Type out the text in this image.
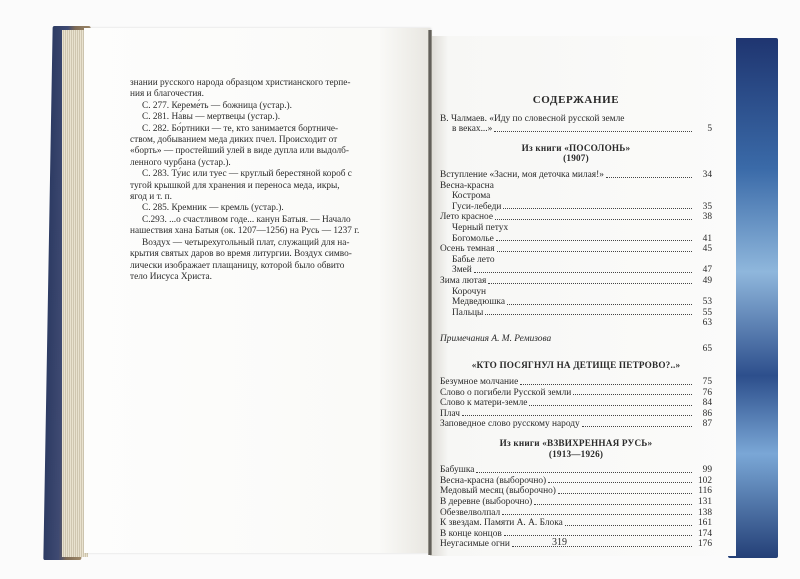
знании русского народа образцом христианского терпе-

ния и благочестия.

С. 277. Кереме́ть — божница (устар.).

С. 281. На́вы — мертвецы (устар.).

С. 282. Бо́ртники — те, кто занимается бортниче-

ством, добыванием меда диких пчел. Происходит от

«борть» — простейший улей в виде дупла или выдолб-

ленного чурбана (устар.).

С. 283. Ту́ис или туес — круглый берестяной короб с

тугой крышкой для хранения и переноса меда, икры,

ягод и т. п.

С. 285. Кремник — кремль (устар.).

С.293. ...о счастливом годе... канун Батыя. — Начало

нашествия хана Батыя (ок. 1207—1256) на Русь — 1237 г.

Воздух — четырехугольный плат, служащий для на-

крытия святых даров во время литургии. Воздух симво-

лически изображает плащаницу, которой было обвито

тело Иисуса Христа.

СОДЕРЖАНИЕ
В. Чалмаев. «Иду по словесной русской земле
в веках...»	5
Из книги «ПОСОЛОНЬ»
(1907)
Вступление «Засни, моя деточка милая!»	34
Весна-красна
Кострома
Гуси-лебеди	35
Лето красное	38
Черный петух
Богомолье	41
Осень темная	45
Бабье лето
Змей	47
Зима лютая	49
Корочун
Медведюшка	53
Пальцы	55
63
Примечания А. М. Ремизова
65
«КТО ПОСЯГНУЛ НА ДЕТИЩЕ ПЕТРОВО?..»
Безумное молчание	75
Слово о погибели Русской земли	76
Слово к матери-земле	84
Плач	86
Заповедное слово русскому народу	87
Из книги «ВЗВИХРЕННАЯ РУСЬ»
(1913—1926)
Бабушка	99
Весна-красна (выборочно)	102
Медовый месяц (выборочно)	116
В деревне (выборочно)	131
Обезвелволпал	138
К звездам. Памяти А. А. Блока	161
В конце концов	174
Неугасимые огни	176
319
